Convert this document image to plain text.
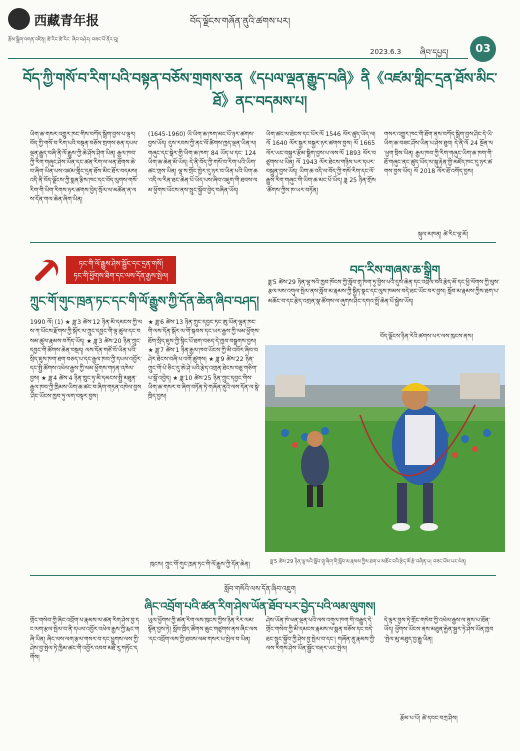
西藏青年报
རྩོམ་སྒྲིག་འགན་འཛིན། ཚེ་རིང་ཚེ་རིང་ ཞིབ་བཤེར། བཟང་པོ་ནོར་བུ།
བོད་ལྗོངས་གཞོན་ནུའི་ཚགས་པར།
2023.6.3 ཞིབ་དཔྱད།	03
བོད་ཀྱི་གསོ་བ་རིག་པའི་བསྟན་བཅོས་གྲགས་ཅན《དཔལ་ལྡན་རྒྱུད་བཞི》ནི《འཛམ་གླིང་དྲན་ཐོས་མིང་ཐོ》ནང་བདམས་པ།
ཡིག་ཆ་གསར་འགྱུར་ཁང་གིས་བཀོད་སྒྲིག་བྱས་པ་ལྟར། བོད་ཀྱི་གསོ་བ་རིག་པའི་བསྟན་བཅོས་གྲགས་ཅན་དཔལ་ལྡན་རྒྱུད་བཞི་ནི་ལོ་རྒྱུས་ཀྱི་ཆེ་ཤོས་ཤིག་ཡིན། རྒྱལ་ཁབ་ཀྱི་རིག་གཞུང་ཤེས་ཡོན་དང་ཚན་རིག་ལ་ཕན་ཐོགས་ཆེ་བ་ཞིག་ཡིན་པས་འཛམ་གླིང་དྲན་ཐོས་མིང་ཐོར་བདམས། འདི་ནི་བོད་ལྗོངས་ཀྱི་སྨན་རྩིས་ཁང་དང་བོད་ལུགས་གསོ་རིག་གི་ཡིག་རིགས་ཉར་ཚགས་བྱེད་སྲོལ་ལ་མཚོན་ན་ལས་དོན་གལ་ཆེན་ཞིག་ཡིན།
(1645-1960) ཡི་ཡིག་ཆ་ཁག་མང་པོ་ཉར་ཚགས་བྱས་ཡོད། དུས་རབས་ཀྱི་ནང་ལོ་ཚིགས་ཁྱད་ལྡན་ཡིན་ལ། གཞུང་དང་སྒེར་གྱི་ཡིག་ཆ་ཁག་ 84 ཡོད་པ་དང་ 124 ཡིག་ཆ་ཆེན་མོ་ཡོད། དེ་ནི་བོད་ཀྱི་གསོ་བ་རིག་པའི་ཡིག་ཚང་གྲས་ཡིན། ལྷ་ས་གྲོང་ཁྱེར་དུ་ཉར་བ་ཡིན་པའི་ཡིག་ཆ་འདི་ལ་རིན་ཐང་ཆེན་པོ་ཡོད་པས་ཞིབ་འཇུག་གི་ཐབས་ལམ་ཕྱོགས་ཡོངས་ནས་སྲུང་སྐྱོབ་བྱེད་བཞིན་ཡོད།
ཡིག་ཚང་ལ་ཐེངས་དང་པོར་ལོ 1546 ལོར་ཚུད་ཡོད་ལ། ལོ 1640 ལོར་སྐྱར་བསྐྱར་ཉར་ཚགས་བྱས། ལོ 1665 ལོར་ཡང་བསྐྱར་རྩོམ་སྒྲིག་བྱས་པ་ལས་ལོ 1893 ལོར་བཙུགས་པ་ཡིན། ལོ 1943 ལོར་ཐེངས་གཉིས་པར་དཔར་བསྐྲུན་བྱས་ཡོད། ཡིག་ཆ་འདི་ལ་བོད་ཀྱི་གསོ་རིག་དང་ལོ་རྒྱུས་རིག་གཞུང་གི་ཡིག་ཆ་མང་པོ་ཡོད། ཟླ 25 ཉིན་གྲོས་ཚོགས་ཀྱིས་ཁ་ཡར་བཏོན།
གསར་འགྱུར་ཁང་གི་ཐོག་ནས་བཀོད་སྒྲིག་བྱས་ཤིང་དེ་ཡི་ཡིག་ཆ་བཟང་ཤོས་ཡིན་པ་ཤེས་ཐུབ། དེ་ནི་ལོ 24 སྔོན་ལ་ཕྱག་བྲིས་ཡིན། རྒྱལ་ཁབ་ཀྱི་རིག་གཞུང་ཡིག་ཆ་ཁག་གི་ཐོ་གཞུང་ནང་ཚུད་ཡོད་ལ་སྐུ་རྟེན་གྱི་མཛོད་ཁང་དུ་ཉར་ཚགས་བྱས་ཡོད། ལོ 2018 ལོར་ཐོ་འགོད་བྱས།
སྐུལ་མཁན། ཚེ་རིང་ལྷ་མོ།
ཏང་གི་ལོ་རྒྱུས་ཤེས་སྦྱོང་དང་དྲན་གསོ།
ཏང་གི་ཕྱོགས་ཐིག་དང་ལས་དོན་རྒྱས་སྤེལ།
ཀྲུང་གོ་གུང་ཁྲན་ཏང་དང་གི་ལོ་རྒྱུས་ཀྱི་དོན་ཆེན་ཞིབ་བཤད།
1990 ལོ། (1) ★ ཟླ་3 ཚེས་12 ཉིན་མི་དམངས་ཀྱི་ལས་ཀ་ཡོངས་རྫོགས་ཀྱི་སྐོར་ལ་ཀྲུང་དབྱང་གི་ལྟ་ཚུལ་དང་བསམ་ཚུལ་རྣམས་བཀོད་ཡོད། ★ ཟླ་3 ཚེས་20 ཉིན་ཀྲུང་དབྱང་གི་ཚོགས་ཆེན་བསྡད། ལས་དོན་གཙོ་བོ་ཡིན་པའི་སྲིད་ཇུས་ཁག་ཐག་བཅད་པ་དང་རྒྱལ་ཁབ་ཀྱི་དཔལ་འབྱོར་དང་སྤྱི་ཚོགས་འཕེལ་རྒྱས་ཀྱི་ལམ་ཕྱོགས་གཏན་འཁེལ་བྱས། ★ ཟླ་4 ཚེས་4 ཉིན་ཁྲུང་ཧྭ་མི་དམངས་སྤྱི་མཐུན་རྒྱལ་ཁབ་ཀྱི་ཁྲིམས་ཡིག་ཆ་ཚང་བ་ཞིག་གཏན་འཁེལ་བྱས་ཤིང་ཡོངས་ཁྱབ་ཏུ་ལག་བསྟར་བྱས།
★ ཟླ་6 ཚེས་13 ཉིན་ཀྲུང་དབྱང་ཏང་ཨུ་ཡོན་ལྷན་ཁང་གི་ལས་དོན་སྐོར་ལ་གོ་སྐབས་དང་ཡར་རྒྱས་ཀྱི་ལམ་ཕྱོགས་ཐོག་སྲིད་ཇུས་ཀྱི་སྙིང་པོ་ཐག་བཅད་དེ་ཁྱབ་བསྒྲགས་བྱས། ★ ཟླ་7 ཚེས་1 ཉིན་རྒྱལ་ཁབ་ཡོངས་ཀྱི་མི་འབོར་ཞིབ་བཤེར་ཐེངས་བཞི་པ་འགོ་ཚུགས། ★ ཟླ་9 ཚེས་22 ཉིན་ཀྲུང་གོ་པེ་ཅིང་དུ་ཨེ་ཤེ་ཡའི་རྩེད་འགྲན་ཐེངས་བཅུ་གཅིག་པ་སྒོ་འབྱེད། ★ ཟླ་10 ཚེས་25 ཉིན་ཀྲུང་དབྱང་གིས་ཡིག་ཆ་གསར་བ་ཞིག་བཏོན་ཏེ་གཞོན་ནུའི་ལས་དོན་ལ་སྣེ་ཁྲིད་བྱས།
ཁུངས། ཀྲུང་གོ་གུང་ཁྲན་ཏང་གི་ལོ་རྒྱུས་ཀྱི་དོན་ཆེན།
བད་རིས་གཞས་ཆ་སྒྲིག
ཟླ་5 ཚེས་29 ཉིན་ལྷ་སའི་ཁྱབ་ཁོངས་ཀྱི་སློབ་གྲྭ་ཁག་ཏུ་བྱིས་པའི་དུས་ཆེན་དང་འབྲེལ་བའི་རྩེད་མོ་དང་ཕྱི་ལོགས་ཀྱི་ལུས་རྩལ་ལས་འགུལ་སྤེལ་ནས་སློབ་མ་རྣམས་ཀྱི་སྐྱིད་སྣང་དང་ལུས་ཁམས་བདེ་ཐང་ཡོང་བར་བྱས། སློབ་མ་རྣམས་ཀྱིས་ཐག་པ་མཆོང་བ་དང་རྩེད་འགྲན་སྣ་ཚོགས་ལ་ཞུགས་ཤིང་དགའ་སྤྲོ་ཆེན་པོ་སྐྱེས་ཡོད།
བོད་ལྗོངས་ཉིན་རེའི་ཚགས་པར་ལས་ཁུངས་ནས།
ཟླ་5 ཚེས་29 ཉིན་ལྷ་སའི་སློབ་གྲྭ་ཞིག་གི་སློབ་མ་རྣམས་ཀྱིས་ཐག་པ་མཆོང་བའི་རྩེད་མོ་རྩེ་བཞིན་པ། བཟང་པོས་པར་ལེན།
སློབ་གསོའི་ལས་དོན་ཞིབ་འཇུག
ཞིང་འབྲོག་པའི་ཚན་རིག་ཤེས་ཡོན་ཐོབ་པར་བྱེད་པའི་ལམ་ལུགས།
གྲོང་གསེབ་ཀྱི་ཞིང་འབྲོག་པ་རྣམས་ལ་ཚན་རིག་ཤེས་བྱ་དང་ལག་རྩལ་སྤེལ་བ་ནི་དཔལ་འབྱོར་འཕེལ་རྒྱས་ཀྱི་རྨང་གཞི་ཡིན། ཞིང་ལས་ལག་རྩལ་གསར་བ་དང་ཕྱུགས་ལས་ཀྱི་ཤེས་བྱ་སྤེལ་ཏེ་ཁྱིམ་ཚང་གི་འབྱོར་འབབ་མཐོ་རུ་གཏོང་དགོས།
ཡུལ་ཕྱོགས་ཀྱི་ཚན་རིག་ལས་ཁུངས་ཀྱིས་ཉིན་རེར་ལམ་སྟོན་བྱས་ཏེ། སློབ་ཁྲིད་ཚོགས་ཆུང་གཙུགས་ནས་ཞིང་ལས་དང་འབྲོག་ལས་ཀྱི་ཐབས་ལམ་གསར་པ་སྤེལ་བ་ཡིན།
ཤེས་ཡོན་ཁེ་ཕན་ལྡན་པའི་ལས་འགུལ་ཁག་གི་བརྒྱུད་དེ་གྲོང་གསེབ་ཀྱི་མི་དམངས་རྣམས་ལ་སྨན་བཅོས་དང་བདེ་ཐང་སྲུང་སྐྱོབ་ཀྱི་ཤེས་བྱ་སྤེལ་བ་དང་། གཞོན་ནུ་རྣམས་ཀྱི་ལས་རིགས་ཤེས་ཡོན་སྦྱོང་བརྡར་ཡང་སྤེལ།
དེ་ལྟར་བྱས་ཏེ་གྲོང་གསེབ་ཀྱི་འཕེལ་རྒྱས་ལ་ནུས་པ་ཐོན་ཡོད། ཕྱོགས་ཡོངས་ནས་མཐུན་རྐྱེན་སྦྱར་ཏེ་ཤེས་ཡོན་ཁྱབ་སྤེལ་མུ་མཐུད་བྱ་རྒྱུ་ཡིན།
རྩོམ་པ་པོ། ཚེ་དབང་བཀྲ་ཤིས།
